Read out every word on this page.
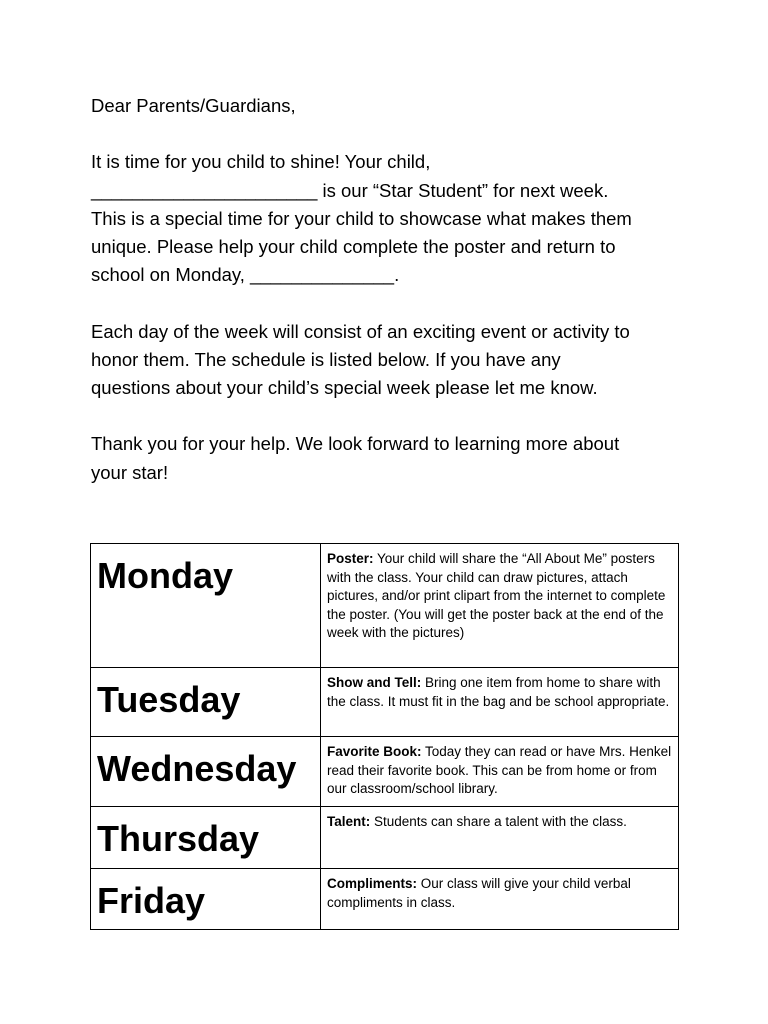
Dear Parents/Guardians,

It is time for you child to shine! Your child,
______________________ is our “Star Student” for next week.
This is a special time for your child to showcase what makes them
unique. Please help your child complete the poster and return to
school on Monday, ______________.

Each day of the week will consist of an exciting event or activity to
honor them. The schedule is listed below. If you have any
questions about your child’s special week please let me know.

Thank you for your help. We look forward to learning more about
your star!

Monday	Poster: Your child will share the “All About Me” posters with the class. Your child can draw pictures, attach pictures, and/or print clipart from the internet to complete the poster. (You will get the poster back at the end of the week with the pictures)
Tuesday	Show and Tell: Bring one item from home to share with the class. It must fit in the bag and be school appropriate.
Wednesday	Favorite Book: Today they can read or have Mrs. Henkel read their favorite book. This can be from home or from our classroom/school library.
Thursday	Talent: Students can share a talent with the class.
Friday	Compliments: Our class will give your child verbal compliments in class.
